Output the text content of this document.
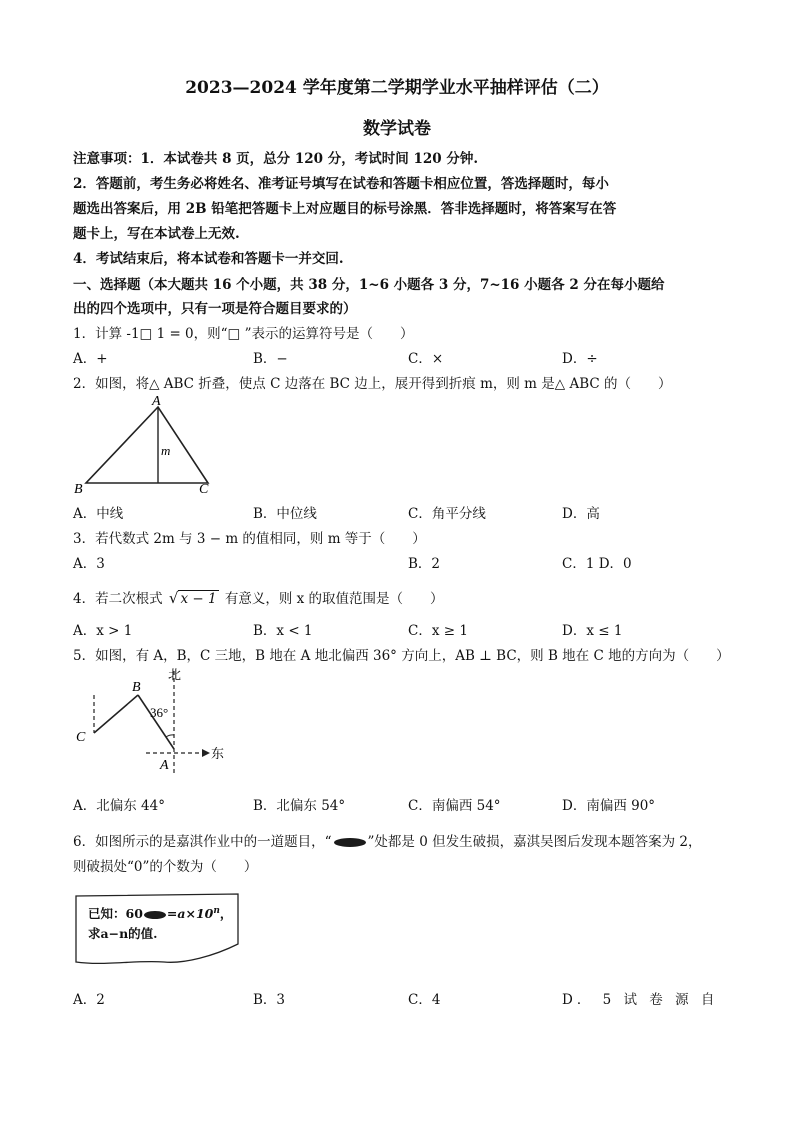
2023—2024 学年度第二学期学业水平抽样评估（二）
数学试卷
注意事项：1．本试卷共 8 页，总分 120 分，考试时间 120 分钟.
2．答题前，考生务必将姓名、准考证号填写在试卷和答题卡相应位置，答选择题时，每小
题选出答案后，用 2B 铅笔把答题卡上对应题目的标号涂黑．答非选择题时，将答案写在答
题卡上，写在本试卷上无效.
4．考试结束后，将本试卷和答题卡一并交回.
一、选择题（本大题共 16 个小题，共 38 分，1~6 小题各 3 分，7~16 小题各 2 分在每小题给
出的四个选项中，只有一项是符合题目要求的）
1．计算 -1□ 1 = 0，则“□ ”表示的运算符号是（　　）
A．+	B．−	C．×	D．÷
2．如图，将△ ABC 折叠，使点 C 边落在 BC 边上，展开得到折痕 m，则 m 是△ ABC 的（　　）
A
B	C
m
A．中线	B．中位线	C．角平分线	D．高
3．若代数式 2m 与 3 − m 的值相同，则 m 等于（　　）
A．3	B．2	C．1 D．0
4．若二次根式 √ x − 1 有意义，则 x 的取值范围是（　　）
A．x > 1	B．x < 1	C．x ≥ 1	D．x ≤ 1
5．如图，有 A，B，C 三地，B 地在 A 地北偏西 36° 方向上，AB ⊥ BC，则 B 地在 C 地的方向为（　　）
北
东
36°
B
C
A
A．北偏东 44°	B．北偏东 54°	C．南偏西 54°	D．南偏西 90°
6．如图所示的是嘉淇作业中的一道题目，“	”处都是 0 但发生破损，嘉淇吴图后发现本题答案为 2，
则破损处“0”的个数为（　　）
已知：$60 =a\times 10^n$，
求a−n的值.
A．2	B．3	C．4	D． 5 试 卷 源 自
